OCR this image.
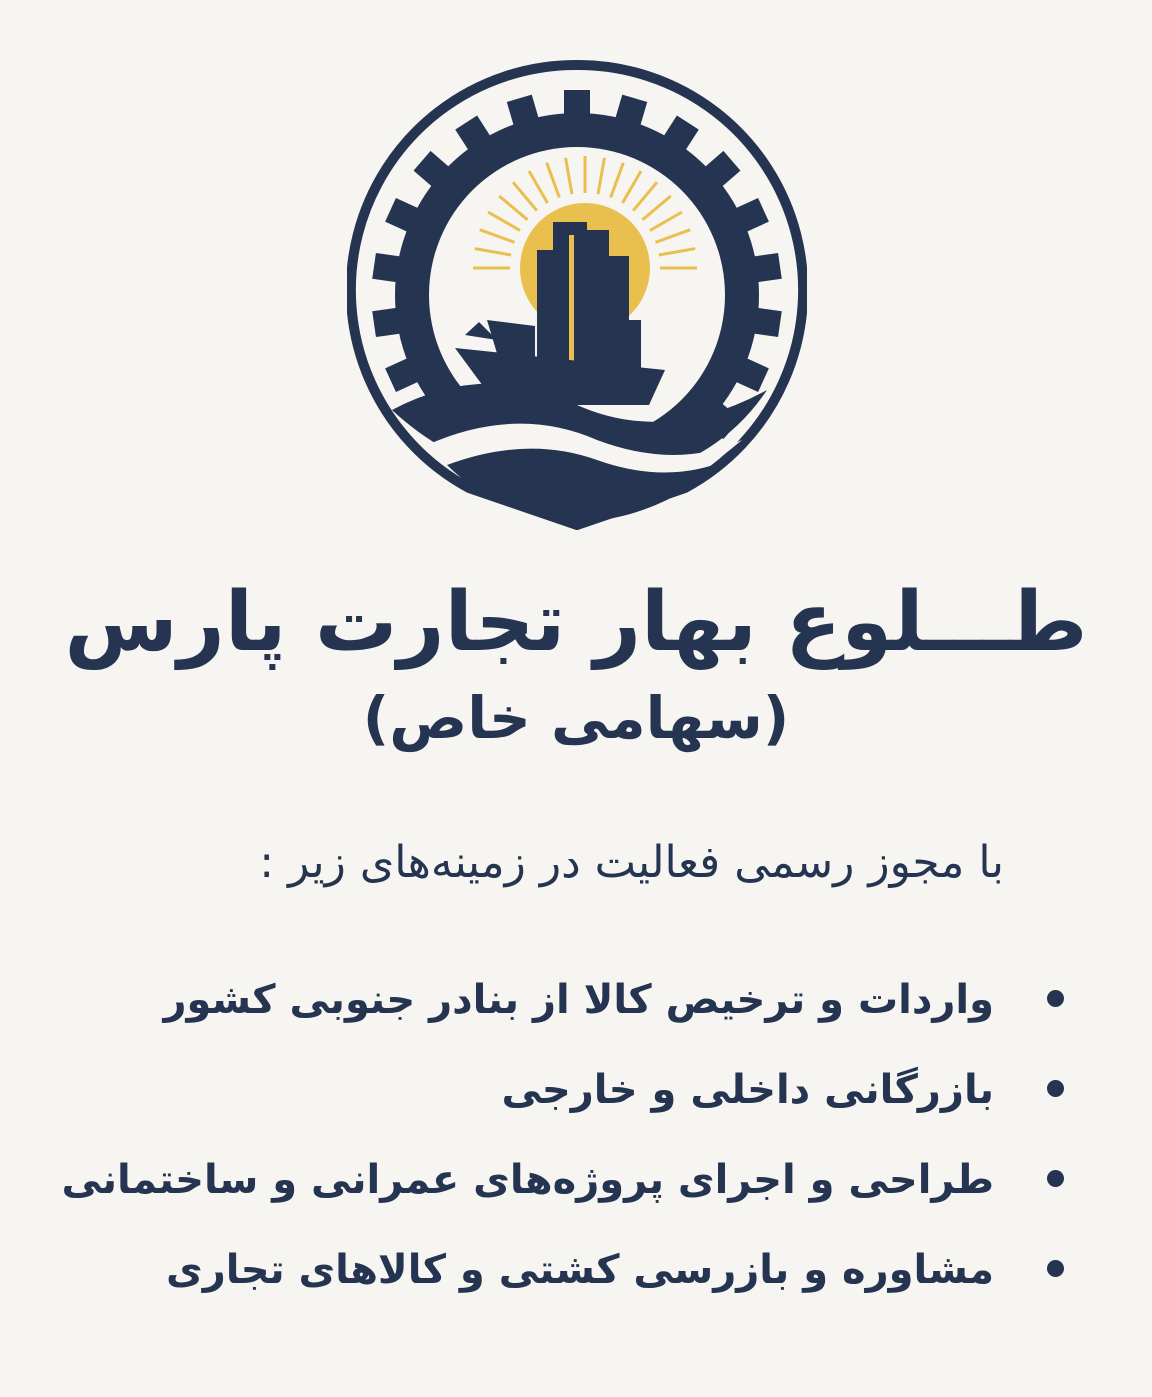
طـــلوع بهار تجارت پارس
(سهامی خاص)
با مجوز رسمی فعالیت در زمینه‌های زیر :
واردات و ترخیص کالا از بنادر جنوبی کشور
بازرگانی داخلی و خارجی
طراحی و اجرای پروژه‌های عمرانی و ساختمانی
مشاوره و بازرسی کشتی و کالاهای تجاری
